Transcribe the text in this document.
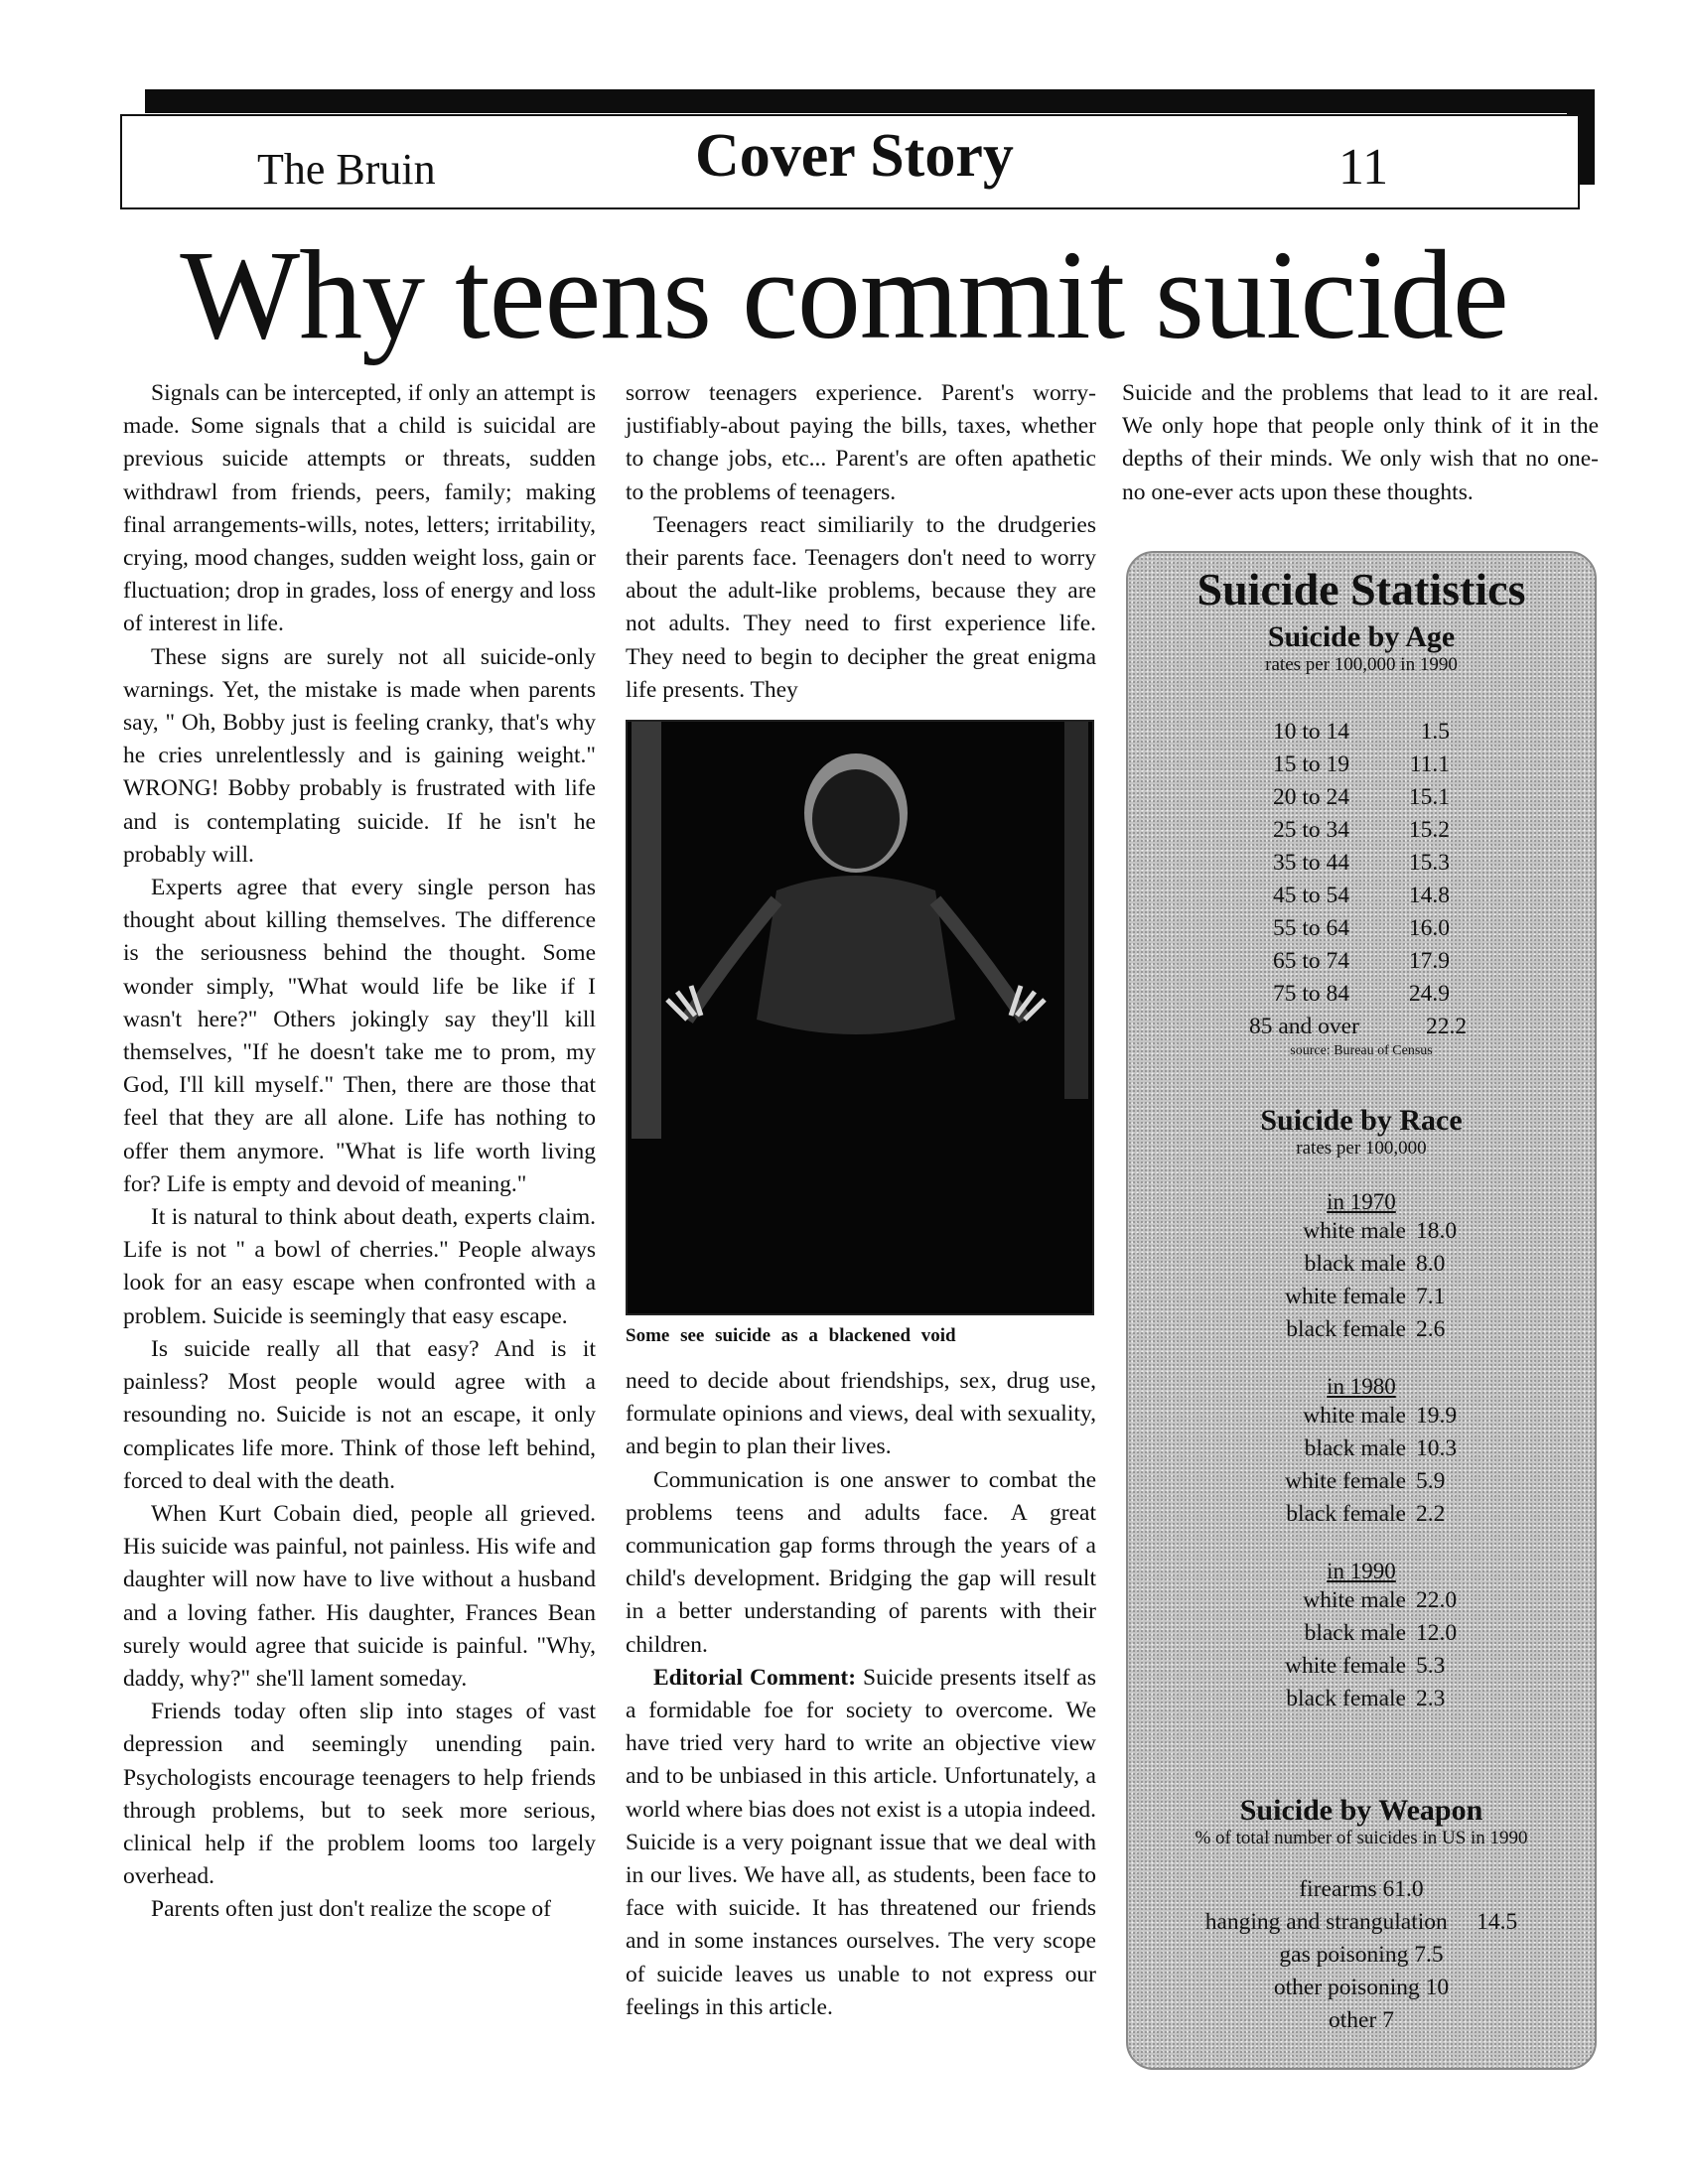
The Bruin	Cover Story	11
Why teens commit suicide

Signals can be intercepted, if only an attempt is made. Some signals that a child is suicidal are previous suicide attempts or threats, sudden withdrawl from friends, peers, family; making final arrangements-wills, notes, letters; irritability, crying, mood changes, sudden weight loss, gain or fluctuation; drop in grades, loss of energy and loss of interest in life.

These signs are surely not all suicide-only warnings. Yet, the mistake is made when parents say, " Oh, Bobby just is feeling cranky, that's why he cries unrelentlessly and is gaining weight." WRONG! Bobby probably is frustrated with life and is contemplating suicide. If he isn't he probably will.

Experts agree that every single person has thought about killing themselves. The difference is the seriousness behind the thought. Some wonder simply, "What would life be like if I wasn't here?" Others jokingly say they'll kill themselves, "If he doesn't take me to prom, my God, I'll kill myself." Then, there are those that feel that they are all alone. Life has nothing to offer them anymore. "What is life worth living for? Life is empty and devoid of meaning."

It is natural to think about death, experts claim. Life is not " a bowl of cherries." People always look for an easy escape when confronted with a problem. Suicide is seemingly that easy escape.

Is suicide really all that easy? And is it painless? Most people would agree with a resounding no. Suicide is not an escape, it only complicates life more. Think of those left behind, forced to deal with the death.

When Kurt Cobain died, people all grieved. His suicide was painful, not painless. His wife and daughter will now have to live without a husband and a loving father. His daughter, Frances Bean surely would agree that suicide is painful. "Why, daddy, why?" she'll lament someday.

Friends today often slip into stages of vast depression and seemingly unending pain. Psychologists encourage teenagers to help friends through problems, but to seek more serious, clinical help if the problem looms too largely overhead.

Parents often just don't realize the scope of

sorrow teenagers experience. Parent's worry-justifiably-about paying the bills, taxes, whether to change jobs, etc... Parent's are often apathetic to the problems of teenagers.

Teenagers react similiarily to the drudgeries their parents face. Teenagers don't need to worry about the adult-like problems, because they are not adults. They need to first experience life. They need to begin to decipher the great enigma life presents. They

Some see suicide as a blackened void

need to decide about friendships, sex, drug use, formulate opinions and views, deal with sexuality, and begin to plan their lives.

Communication is one answer to combat the problems teens and adults face. A great communication gap forms through the years of a child's development. Bridging the gap will result in a better understanding of parents with their children.

Editorial Comment: Suicide presents itself as a formidable foe for society to overcome. We have tried very hard to write an objective view and to be unbiased in this article. Unfortunately, a world where bias does not exist is a utopia indeed. Suicide is a very poignant issue that we deal with in our lives. We have all, as students, been face to face with suicide. It has threatened our friends and in some instances ourselves. The very scope of suicide leaves us unable to not express our feelings in this article.

Suicide and the problems that lead to it are real. We only hope that people only think of it in the depths of their minds. We only wish that no one-no one-ever acts upon these thoughts.

Suicide Statistics
Suicide by Age
rates per 100,000 in 1990
10 to 14	1.5
15 to 19	11.1
20 to 24	15.1
25 to 34	15.2
35 to 44	15.3
45 to 54	14.8
55 to 64	16.0
65 to 74	17.9
75 to 84	24.9
85 and over	22.2
source: Bureau of Census
Suicide by Race
rates per 100,000
in 1970
white male 18.0
black male 8.0
white female 7.1
black female 2.6
in 1980
white male 19.9
black male 10.3
white female 5.9
black female 2.2
in 1990
white male 22.0
black male 12.0
white female 5.3
black female 2.3
Suicide by Weapon
% of total number of suicides in US in 1990
firearms 61.0
hanging and strangulation 14.5
gas poisoning 7.5
other poisoning 10
other 7
